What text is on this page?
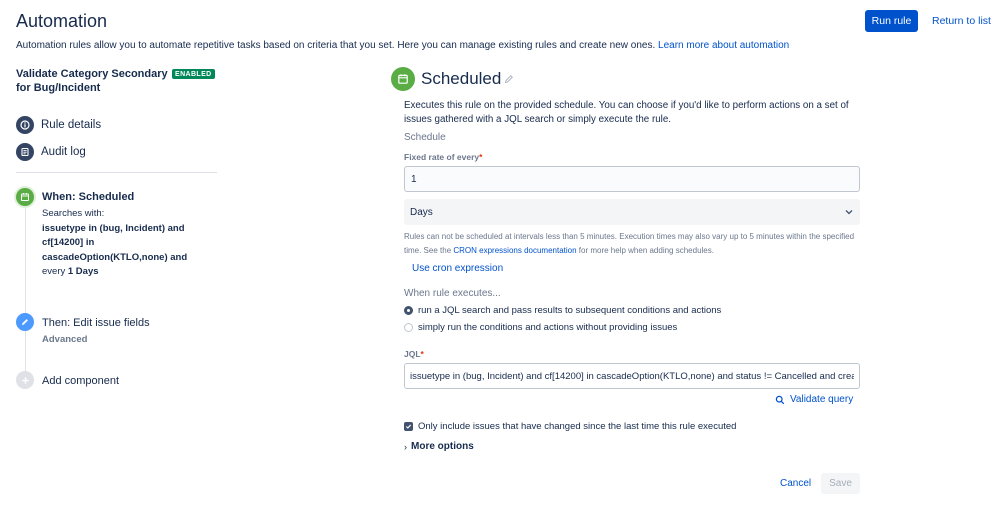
Automation	Run rule	Return to list
Automation rules allow you to automate repetitive tasks based on criteria that you set. Here you can manage existing rules and create new ones. Learn more about automation
Validate Category Secondary for Bug/Incident
ENABLED
Rule details
Audit log
When: Scheduled
Searches with:
issuetype in (bug, Incident) and cf[14200] in cascadeOption(KTLO,none) and
every 1 Days
Then: Edit issue fields
Advanced
Add component
Scheduled
Executes this rule on the provided schedule. You can choose if you'd like to perform actions on a set of issues gathered with a JQL search or simply execute the rule.
Schedule
Fixed rate of every*
1
Days
Rules can not be scheduled at intervals less than 5 minutes. Execution times may also vary up to 5 minutes within the specified time. See the CRON expressions documentation for more help when adding schedules.
Use cron expression
When rule executes...
run a JQL search and pass results to subsequent conditions and actions
simply run the conditions and actions without providing issues
JQL*
issuetype in (bug, Incident) and cf[14200] in cascadeOption(KTLO,none) and status != Cancelled and created
Validate query
Only include issues that have changed since the last time this rule executed
› More options
Cancel	Save
